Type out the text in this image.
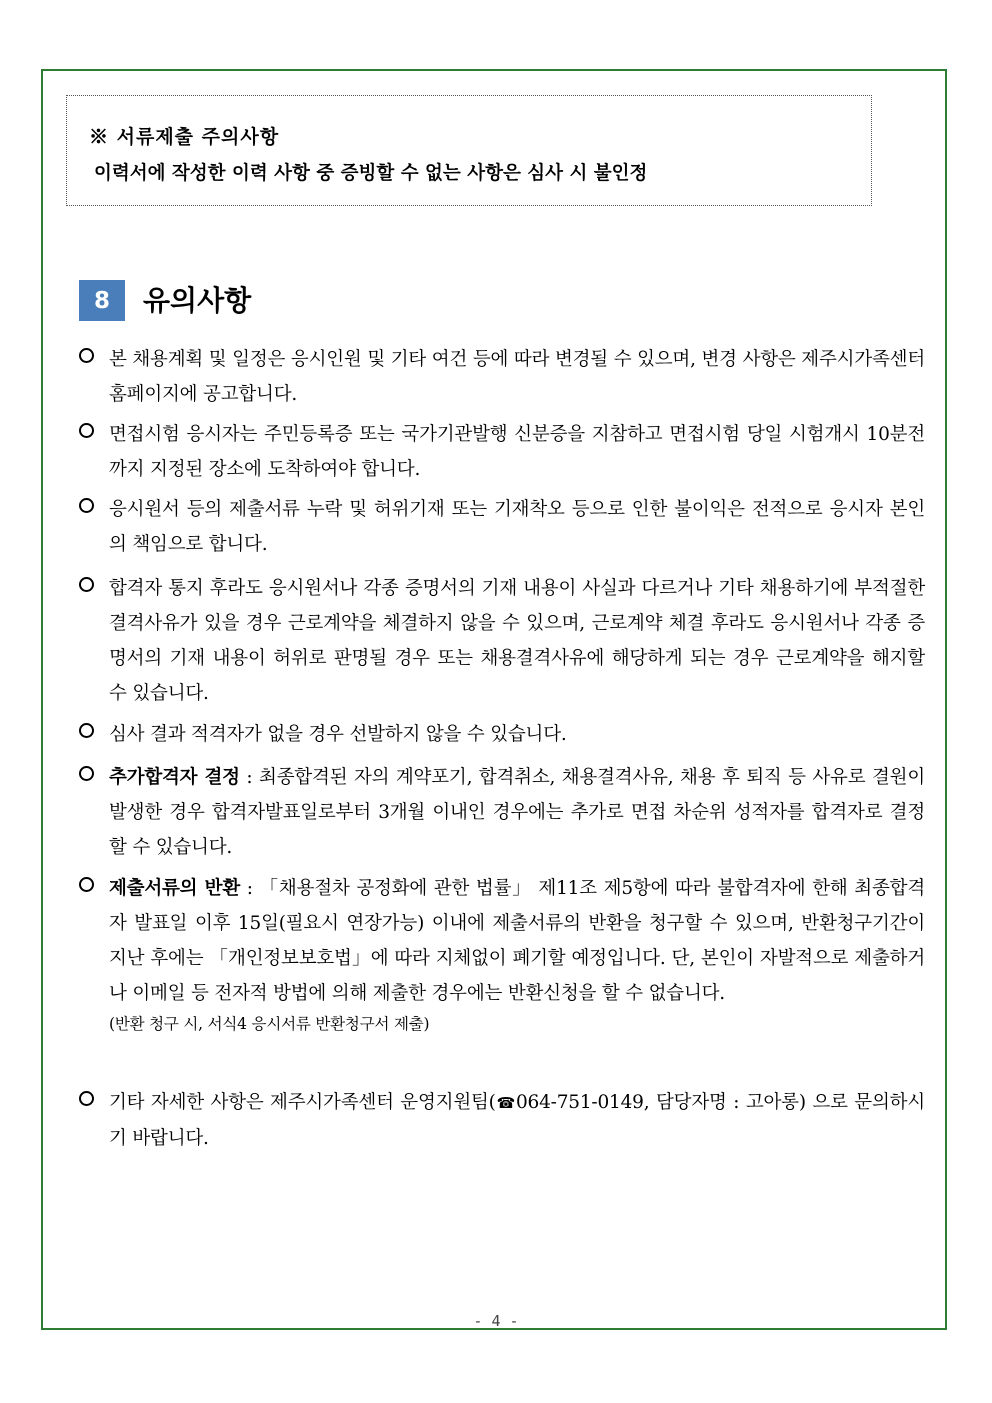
※ 서류제출 주의사항
이력서에 작성한 이력 사항 중 증빙할 수 없는 사항은 심사 시 불인정
8	유의사항
본 채용계획 및 일정은 응시인원 및 기타 여건 등에 따라 변경될 수 있으며, 변경 사항은 제주시가족센터 홈페이지에 공고합니다.
면접시험 응시자는 주민등록증 또는 국가기관발행 신분증을 지참하고 면접시험 당일 시험개시 10분전까지 지정된 장소에 도착하여야 합니다.
응시원서 등의 제출서류 누락 및 허위기재 또는 기재착오 등으로 인한 불이익은 전적으로 응시자 본인의 책임으로 합니다.
합격자 통지 후라도 응시원서나 각종 증명서의 기재 내용이 사실과 다르거나 기타 채용하기에 부적절한 결격사유가 있을 경우 근로계약을 체결하지 않을 수 있으며, 근로계약 체결 후라도 응시원서나 각종 증명서의 기재 내용이 허위로 판명될 경우 또는 채용결격사유에 해당하게 되는 경우 근로계약을 해지할 수 있습니다.
심사 결과 적격자가 없을 경우 선발하지 않을 수 있습니다.
추가합격자 결정 : 최종합격된 자의 계약포기, 합격취소, 채용결격사유, 채용 후 퇴직 등 사유로 결원이 발생한 경우 합격자발표일로부터 3개월 이내인 경우에는 추가로 면접 차순위 성적자를 합격자로 결정할 수 있습니다.
제출서류의 반환 : 「채용절차 공정화에 관한 법률」 제11조 제5항에 따라 불합격자에 한해 최종합격자 발표일 이후 15일(필요시 연장가능) 이내에 제출서류의 반환을 청구할 수 있으며, 반환청구기간이 지난 후에는 「개인정보보호법」에 따라 지체없이 폐기할 예정입니다. 단, 본인이 자발적으로 제출하거나 이메일 등 전자적 방법에 의해 제출한 경우에는 반환신청을 할 수 없습니다.
(반환 청구 시, 서식4 응시서류 반환청구서 제출)
기타 자세한 사항은 제주시가족센터 운영지원팀(☎064-751-0149, 담당자명 : 고아롱) 으로 문의하시기 바랍니다.
- 4 -
